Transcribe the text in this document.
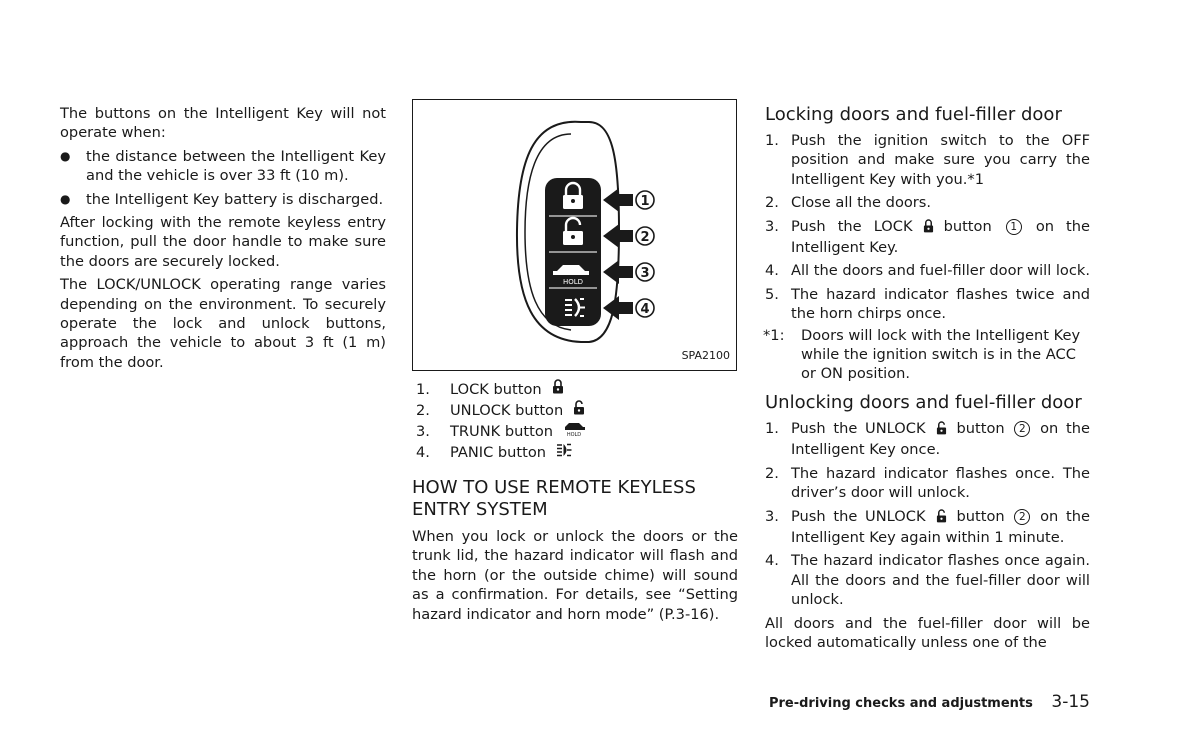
The buttons on the Intelligent Key will not operate when:

● the distance between the Intelligent Key and the vehicle is over 33 ft (10 m).
● the Intelligent Key battery is discharged.

After locking with the remote keyless entry function, pull the door handle to make sure the doors are securely locked.

The LOCK/UNLOCK operating range varies depending on the environment. To securely operate the lock and unlock buttons, approach the vehicle to about 3 ft (1 m) from the door.

HOLD
1
2
3
4
SPA2100
1.	LOCK button
2.	UNLOCK button
3.	TRUNK button	HOLD
4.	PANIC button
HOW TO USE REMOTE KEYLESS ENTRY SYSTEM

When you lock or unlock the doors or the trunk lid, the hazard indicator will flash and the horn (or the outside chime) will sound as a confirmation. For details, see “Setting hazard indicator and horn mode” (P.3-16).

Locking doors and fuel-filler door
1. Push the ignition switch to the OFF position and make sure you carry the Intelligent Key with you.*1
2. Close all the doors.
3. Push the LOCK button 1 on the Intelligent Key.
4. All the doors and fuel-filler door will lock.
5. The hazard indicator flashes twice and the horn chirps once.
*1: Doors will lock with the Intelligent Key while the ignition switch is in the ACC or ON position.
Unlocking doors and fuel-filler door
1. Push the UNLOCK button 2 on the Intelligent Key once.
2. The hazard indicator flashes once. The driver’s door will unlock.
3. Push the UNLOCK button 2 on the Intelligent Key again within 1 minute.
4. The hazard indicator flashes once again. All the doors and the fuel-filler door will unlock.

All doors and the fuel-filler door will be locked automatically unless one of the

Pre-driving checks and adjustments 3-15
